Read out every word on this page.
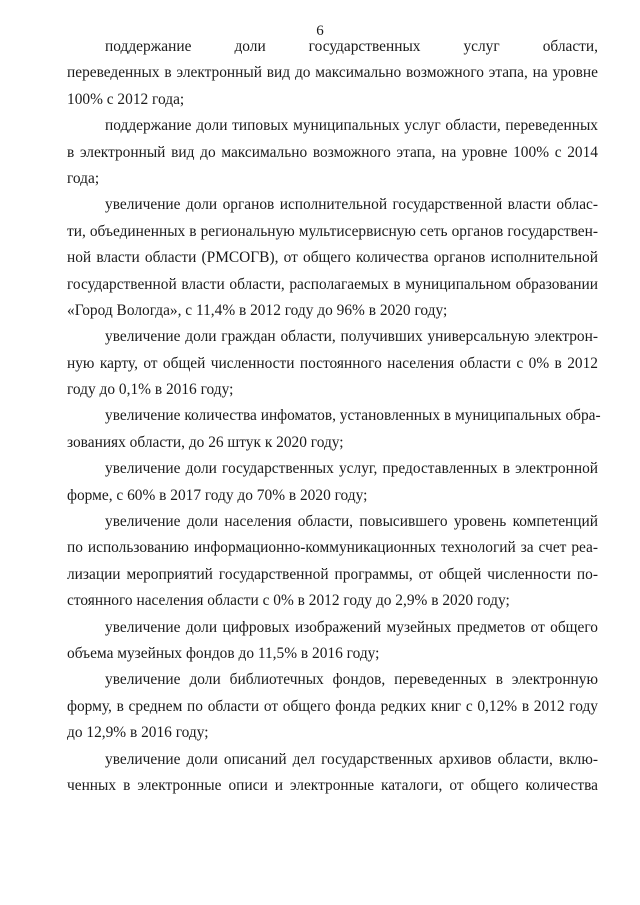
6
поддержание доли государственных услуг области,
переведенных в электронный вид до максимально возможного этапа, на уровне
100% с 2012 года;
поддержание доли типовых муниципальных услуг области, переведенных
в электронный вид до максимально возможного этапа, на уровне 100% с 2014
года;
увеличение доли органов исполнительной государственной власти облас-
ти, объединенных в региональную мультисервисную сеть органов государствен-
ной власти области (РМСОГВ), от общего количества органов исполнительной
государственной власти области, располагаемых в муниципальном образовании
«Город Вологда», с 11,4% в 2012 году до 96% в 2020 году;
увеличение доли граждан области, получивших универсальную электрон-
ную карту, от общей численности постоянного населения области с 0% в 2012
году до 0,1% в 2016 году;
увеличение количества инфоматов, установленных в муниципальных обра-
зованиях области, до 26 штук к 2020 году;
увеличение доли государственных услуг, предоставленных в электронной
форме, с 60% в 2017 году до 70% в 2020 году;
увеличение доли населения области, повысившего уровень компетенций
по использованию информационно-коммуникационных технологий за счет реа-
лизации мероприятий государственной программы, от общей численности по-
стоянного населения области с 0% в 2012 году до 2,9% в 2020 году;
увеличение доли цифровых изображений музейных предметов от общего
объема музейных фондов до 11,5% в 2016 году;
увеличение доли библиотечных фондов, переведенных в электронную
форму, в среднем по области от общего фонда редких книг с 0,12% в 2012 году
до 12,9% в 2016 году;
увеличение доли описаний дел государственных архивов области, вклю-
ченных в электронные описи и электронные каталоги, от общего количества
